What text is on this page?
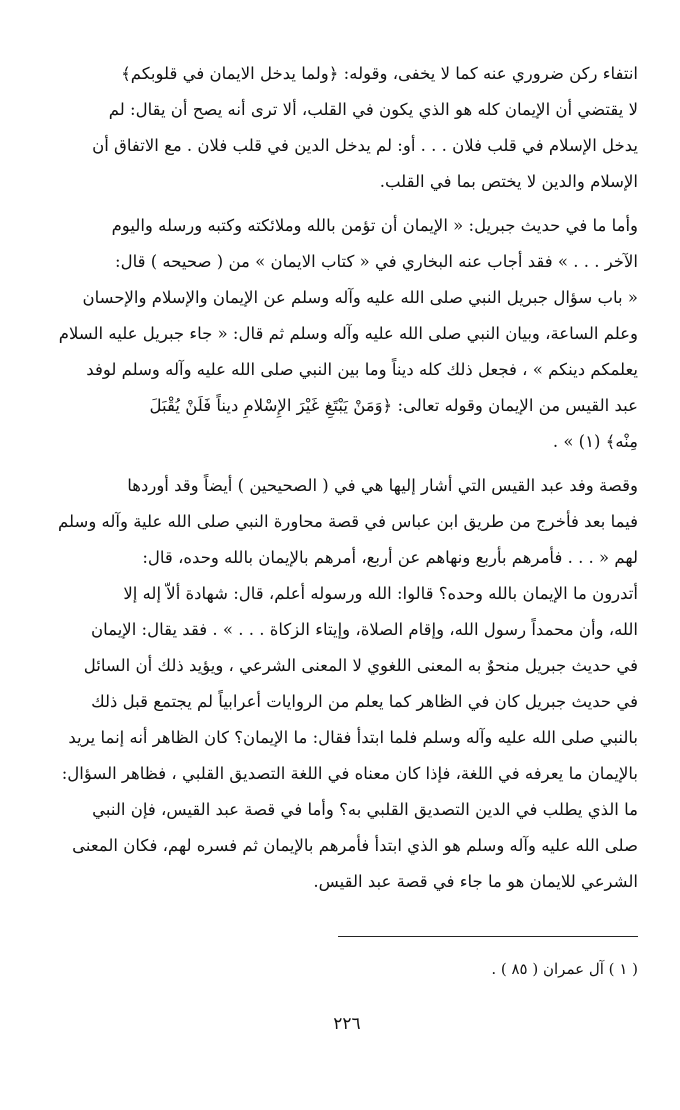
انتفاء ركن ضروري عنه كما لا يخفى، وقوله: ﴿ولما يدخل الايمان في قلوبكم﴾
لا يقتضي أن الإيمان كله هو الذي يكون في القلب، ألا ترى أنه يصح أن يقال: لم
يدخل الإسلام في قلب فلان . . . أو: لم يدخل الدين في قلب فلان . مع الاتفاق أن
الإسلام والدين لا يختص بما في القلب.

وأما ما في حديث جبريل: « الإيمان أن تؤمن بالله وملائكته وكتبه ورسله واليوم
الآخر . . . » فقد أجاب عنه البخاري في « كتاب الايمان » من ( صحيحه ) قال:
« باب سؤال جبريل النبي صلى الله عليه وآله وسلم عن الإيمان والإسلام والإحسان
وعلم الساعة، وبيان النبي صلى الله عليه وآله وسلم ثم قال: « جاء جبريل عليه السلام
يعلمكم دينكم » ، فجعل ذلك كله ديناً وما بين النبي صلى الله عليه وآله وسلم لوفد
عبد القيس من الإيمان وقوله تعالى: ﴿وَمَنْ يَبْتَغِ غَيْرَ الإِسْلامِ ديناً فَلَنْ يُقْبَلَ
مِنْه﴾ (١) » .

وقصة وفد عبد القيس التي أشار إليها هي في ( الصحيحين ) أيضاً وقد أوردها
فيما بعد فأخرج من طريق ابن عباس في قصة محاورة النبي صلى الله علية وآله وسلم
لهم « . . . فأمرهم بأربع ونهاهم عن أربع، أمرهم بالإيمان بالله وحده، قال:
أتدرون ما الإيمان بالله وحده؟ قالوا: الله ورسوله أعلم، قال: شهادة ألاّ إله إلا
الله، وأن محمداً رسول الله، وإقام الصلاة، وإيتاء الزكاة . . . » . فقد يقال: الإيمان
في حديث جبريل منحوٌ به المعنى اللغوي لا المعنى الشرعي ، ويؤيد ذلك أن السائل
في حديث جبريل كان في الظاهر كما يعلم من الروايات أعرابياً لم يجتمع قبل ذلك
بالنبي صلى الله عليه وآله وسلم فلما ابتدأ فقال: ما الإيمان؟ كان الظاهر أنه إنما يريد
بالإيمان ما يعرفه في اللغة، فإذا كان معناه في اللغة التصديق القلبي ، فظاهر السؤال:
ما الذي يطلب في الدين التصديق القلبي به؟ وأما في قصة عبد القيس، فإن النبي
صلى الله عليه وآله وسلم هو الذي ابتدأ فأمرهم بالإيمان ثم فسره لهم، فكان المعنى
الشرعي للايمان هو ما جاء في قصة عبد القيس.

( ١ ) آل عمران ( ٨٥ ) .
٢٢٦
